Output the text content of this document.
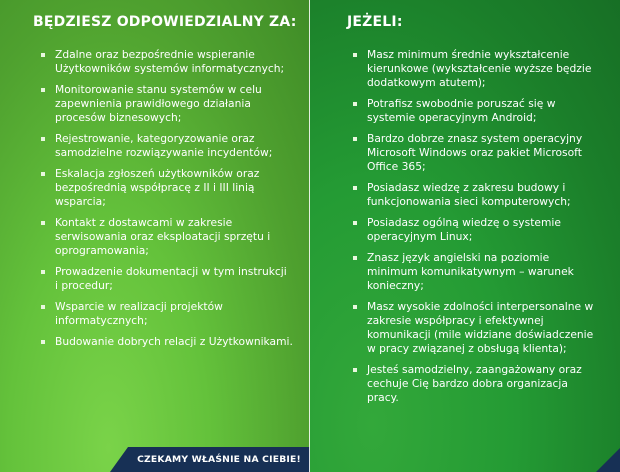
BĘDZIESZ ODPOWIEDZIALNY ZA:
Zdalne oraz bezpośrednie wspieranie Użytkowników systemów informatycznych;
Monitorowanie stanu systemów w celu zapewnienia prawidłowego działania procesów biznesowych;
Rejestrowanie, kategoryzowanie oraz samodzielne rozwiązywanie incydentów;
Eskalacja zgłoszeń użytkowników oraz bezpośrednią współpracę z II i III linią wsparcia;
Kontakt z dostawcami w zakresie serwisowania oraz eksploatacji sprzętu i oprogramowania;
Prowadzenie dokumentacji w tym instrukcji i procedur;
Wsparcie w realizacji projektów informatycznych;
Budowanie dobrych relacji z Użytkownikami.
CZEKAMY WŁAŚNIE NA CIEBIE!
JEŻELI:
Masz minimum średnie wykształcenie kierunkowe (wykształcenie wyższe będzie dodatkowym atutem);
Potrafisz swobodnie poruszać się w systemie operacyjnym Android;
Bardzo dobrze znasz system operacyjny Microsoft Windows oraz pakiet Microsoft Office 365;
Posiadasz wiedzę z zakresu budowy i funkcjonowania sieci komputerowych;
Posiadasz ogólną wiedzę o systemie operacyjnym Linux;
Znasz język angielski na poziomie minimum komunikatywnym – warunek konieczny;
Masz wysokie zdolności interpersonalne w zakresie współpracy i efektywnej komunikacji (mile widziane doświadczenie w pracy związanej z obsługą klienta);
Jesteś samodzielny, zaangażowany oraz cechuje Cię bardzo dobra organizacja pracy.
